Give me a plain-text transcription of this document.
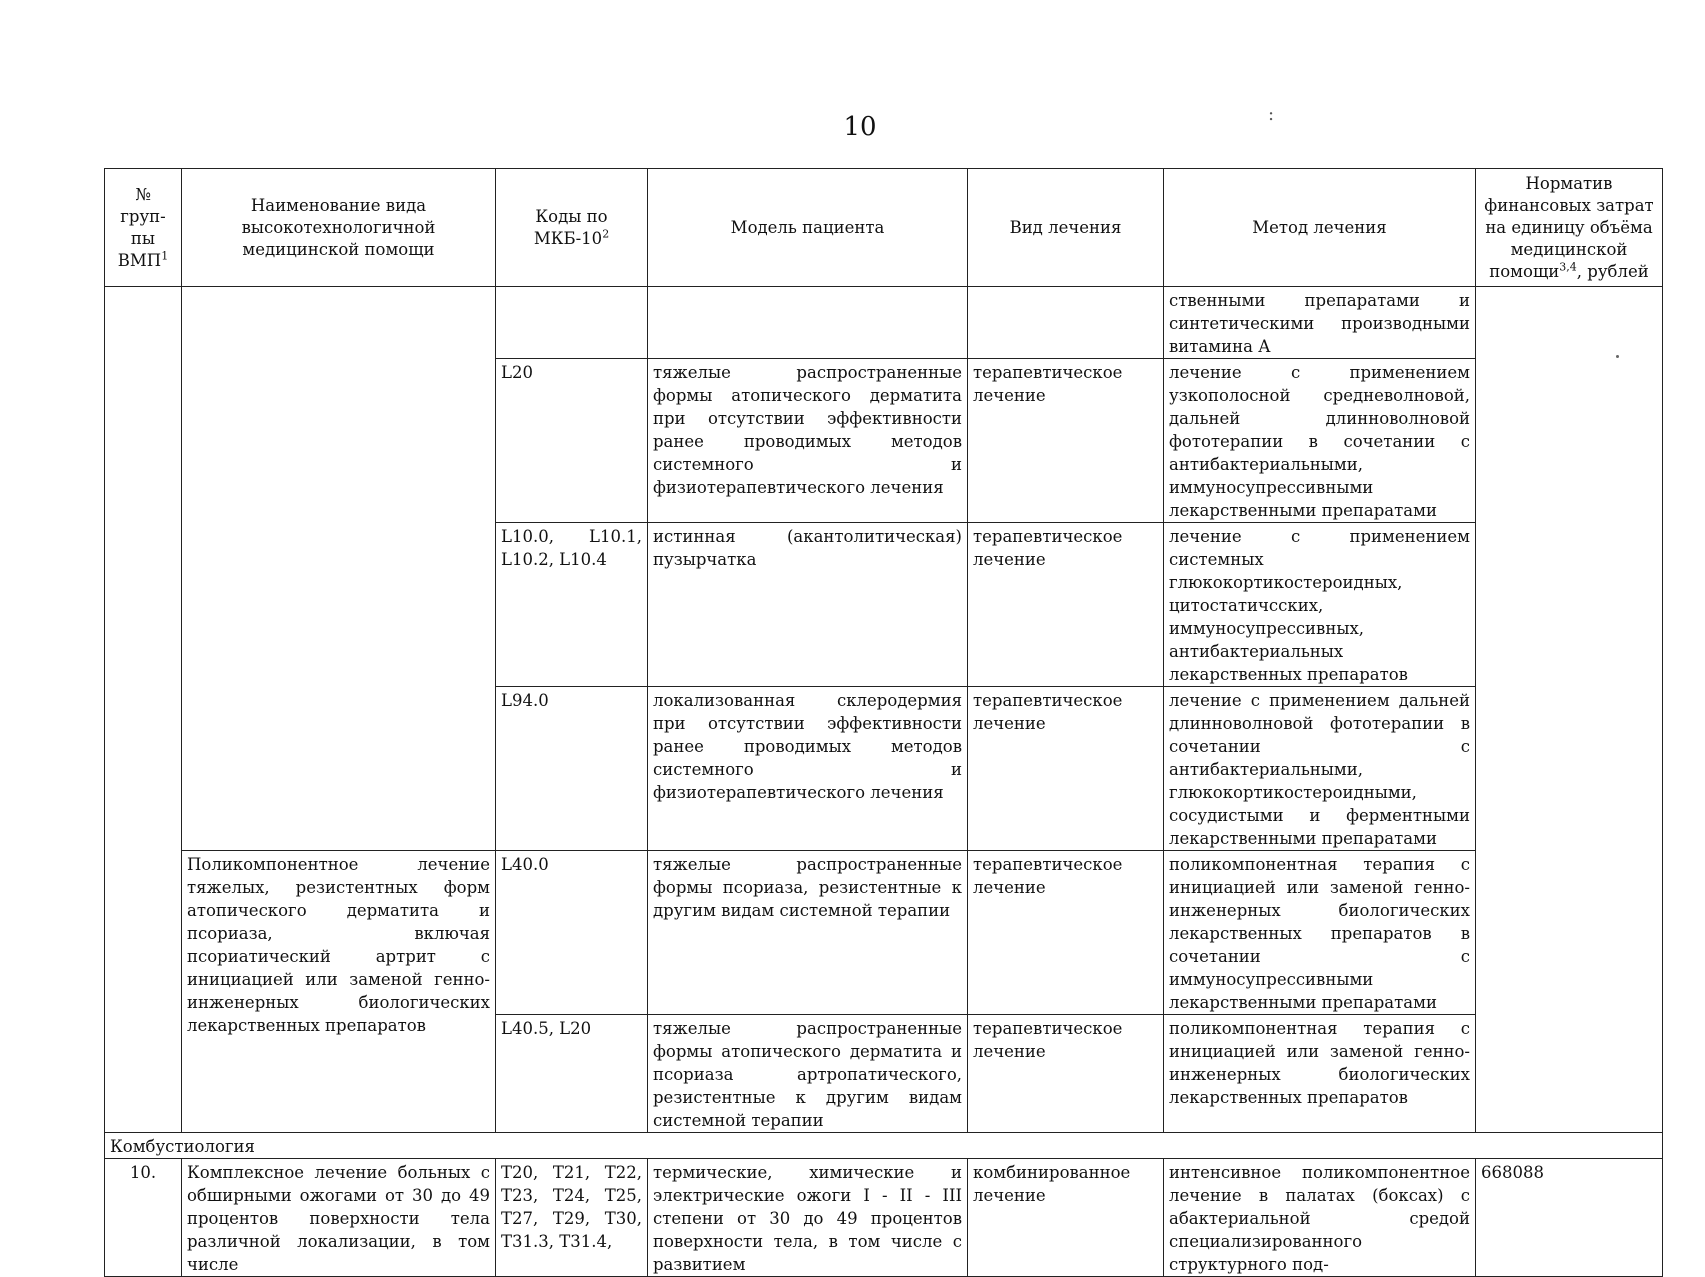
10	:
№
груп-
пы
ВМП$^1$	Наименование вида высокотехнологичной медицинской помощи	Коды по МКБ-$10^2$	Модель пациента	Вид лечения	Метод лечения	Норматив финансовых затрат на единицу объёма медицинской помощи$^{3,4}$, рублей
					ственными препаратами и синтетическими производными витамина А	
		L20	тяжелые распространенные формы атопического дерматита при отсутствии эффективности ранее проводимых методов системного и физиотерапевтического лечения	терапевтическое лечение	лечение с применением узкополосной средневолновой, дальней длинноволновой фототерапии в сочетании с антибактериальными, иммуносупрессивными лекарственными препаратами	
		L10.0, L10.1, L10.2, L10.4	истинная (акантолитическая) пузырчатка	терапевтическое лечение	лечение с применением системных глюкокортикостероидных, цитостатичсских, иммуносупрессивных, антибактериальных лекарственных препаратов	
		L94.0	локализованная склеродермия при отсутствии эффективности ранее проводимых методов системного и физиотерапевтического лечения	терапевтическое лечение	лечение с применением дальней длинноволновой фототерапии в сочетании с антибактериальными, глюкокортикостероидными, сосудистыми и ферментными лекарственными препаратами	
	Поликомпонентное лечение тяжелых, резистентных форм атопического дерматита и псориаза, включая псориатический артрит с инициацией или заменой генно-инженерных биологических лекарственных препаратов	L40.0	тяжелые распространенные формы псориаза, резистентные к другим видам системной терапии	терапевтическое лечение	поликомпонентная терапия с инициацией или заменой генно-инженерных биологических лекарственных препаратов в сочетании с иммуносупрессивными лекарственными препаратами	
		L40.5, L20	тяжелые распространенные формы атопического дерматита и псориаза артропатического, резистентные к другим видам системной терапии	терапевтическое лечение	поликомпонентная терапия с инициацией или заменой генно-инженерных биологических лекарственных препаратов	
Комбустиология						
10.	Комплексное лечение больных с обширными ожогами от 30 до 49 процентов поверхности тела различной локализации, в том числе	T20, T21, T22, T23, T24, T25, T27, T29, T30, T31.3, T31.4,	термические, химические и электрические ожоги I - II - III степени от 30 до 49 процентов поверхности тела, в том числе с развитием	комбинированное лечение	интенсивное поликомпонентное лечение в палатах (боксах) с абактериальной средой специализированного структурного под-	668088
